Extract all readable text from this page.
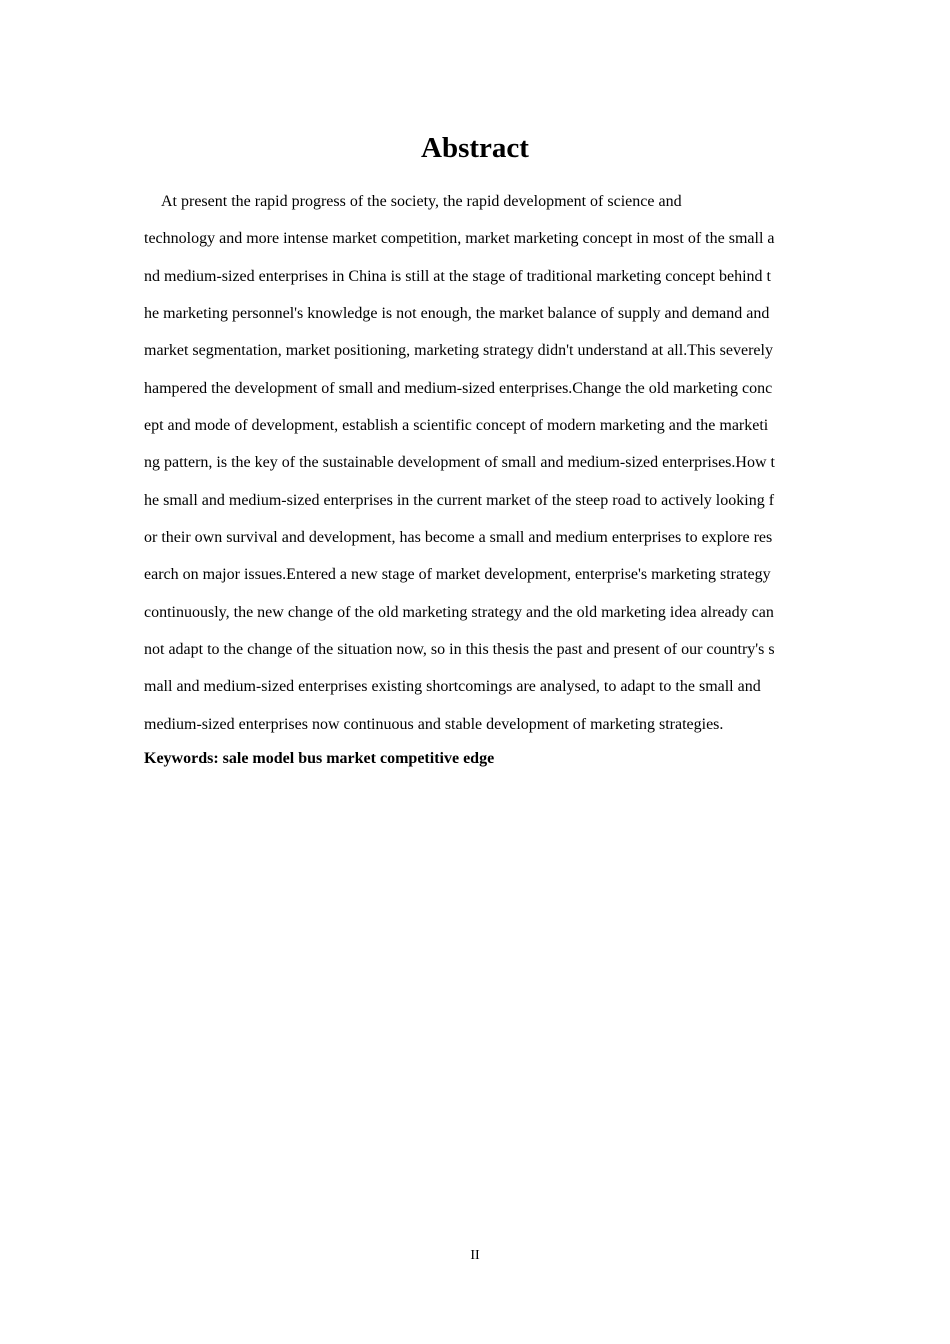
Abstract
At present the rapid progress of the society, the rapid development of science and
technology and more intense market competition, market marketing concept in most of the small a
nd medium-sized enterprises in China is still at the stage of traditional marketing concept behind t
he marketing personnel's knowledge is not enough, the market balance of supply and demand and
market segmentation, market positioning, marketing strategy didn't understand at all.This severely
hampered the development of small and medium-sized enterprises.Change the old marketing conc
ept and mode of development, establish a scientific concept of modern marketing and the marketi
ng pattern, is the key of the sustainable development of small and medium-sized enterprises.How t
he small and medium-sized enterprises in the current market of the steep road to actively looking f
or their own survival and development, has become a small and medium enterprises to explore res
earch on major issues.Entered a new stage of market development, enterprise's marketing strategy
continuously, the new change of the old marketing strategy and the old marketing idea already can
not adapt to the change of the situation now, so in this thesis the past and present of our country's s
mall and medium-sized enterprises existing shortcomings are analysed, to adapt to the small and
medium-sized enterprises now continuous and stable development of marketing strategies.
Keywords: sale model bus market competitive edge
II
